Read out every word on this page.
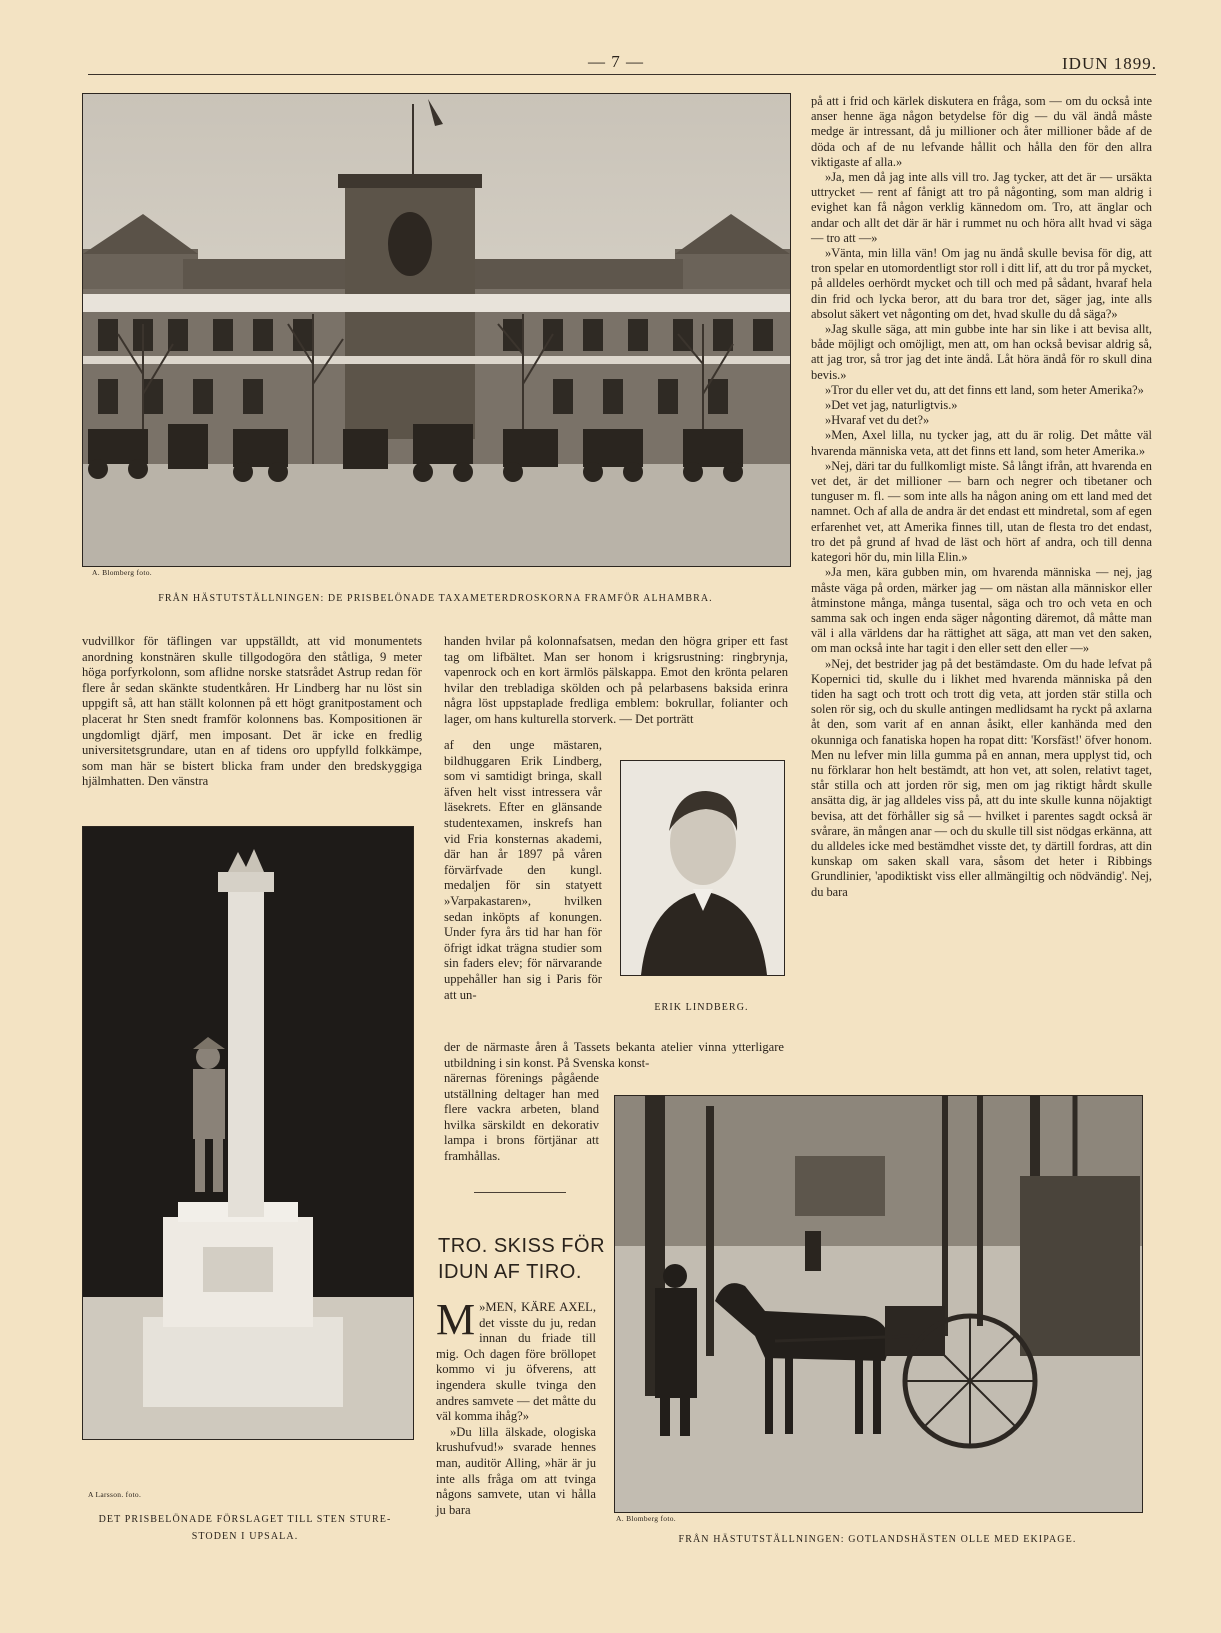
— 7 —	IDUN 1899.
A. Blomberg foto.
FRÅN HÄSTUTSTÄLLNINGEN: DE PRISBELÖNADE TAXAMETERDROSKORNA FRAMFÖR ALHAMBRA.

vudvillkor för täflingen var uppställdt, att vid monumentets anordning konstnären skulle tillgodogöra den ståtliga, 9 meter höga porfyrkolonn, som aflidne norske statsrådet Astrup redan för flere år sedan skänkte studentkåren. Hr Lindberg har nu löst sin uppgift så, att han ställt kolonnen på ett högt granitpostament och placerat hr Sten snedt framför kolonnens bas. Kompositionen är ungdomligt djärf, men imposant. Det är icke en fredlig universitetsgrundare, utan en af tidens oro uppfylld folkkämpe, som man här se bistert blicka fram under den bredskyggiga hjälmhatten. Den vänstra

A Larsson. foto.
DET PRISBELÖNADE FÖRSLAGET TILL STEN STURE-
STODEN I UPSALA.

handen hvilar på kolonnafsatsen, medan den högra griper ett fast tag om lifbältet. Man ser honom i krigsrustning: ringbrynja, vapenrock och en kort ärmlös pälskappa. Emot den krönta pelaren hvilar den trebladiga skölden och på pelarbasens baksida erinra några löst uppstaplade fredliga emblem: bokrullar, folianter och lager, om hans kulturella storverk. — Det porträtt

af den unge mästaren, bildhuggaren Erik Lindberg, som vi samtidigt bringa, skall äfven helt visst intressera vår läsekrets. Efter en glänsande studentexamen, inskrefs han vid Fria konsternas akademi, där han år 1897 på våren förvärfvade den kungl. medaljen för sin statyett »Varpakastaren», hvilken sedan inköpts af konungen. Under fyra års tid har han för öfrigt idkat trägna studier som sin faders elev; för närvarande uppehåller han sig i Paris för att un-

der de närmaste åren å Tassets bekanta atelier vinna ytterligare utbildning i sin konst. På Svenska konst-

närernas förenings pågående utställning deltager han med flere vackra arbeten, bland hvilka särskildt en dekorativ lampa i brons förtjänar att framhållas.

ERIK LINDBERG.
TRO. SKISS FÖR
IDUN AF TIRO.

M »MEN, KÄRE AXEL, det visste du ju, redan innan du friade till mig. Och dagen före bröllopet kommo vi ju öfverens, att ingendera skulle tvinga den andres samvete — det måtte du väl komma ihåg?»

»Du lilla älskade, ologiska krushufvud!» svarade hennes man, auditör Alling, »här är ju inte alls fråga om att tvinga någons samvete, utan vi hålla ju bara

A. Blomberg foto.
FRÅN HÄSTUTSTÄLLNINGEN: GOTLANDSHÄSTEN OLLE MED EKIPAGE.

på att i frid och kärlek diskutera en fråga, som — om du också inte anser henne äga någon betydelse för dig — du väl ändå måste medge är intressant, då ju millioner och åter millioner både af de döda och af de nu lefvande hållit och hålla den för den allra viktigaste af alla.»

»Ja, men då jag inte alls vill tro. Jag tycker, att det är — ursäkta uttrycket — rent af fånigt att tro på någonting, som man aldrig i evighet kan få någon verklig kännedom om. Tro, att änglar och andar och allt det där är här i rummet nu och höra allt hvad vi säga — tro att —»

»Vänta, min lilla vän! Om jag nu ändå skulle bevisa för dig, att tron spelar en utomordentligt stor roll i ditt lif, att du tror på mycket, på alldeles oerhördt mycket och till och med på sådant, hvaraf hela din frid och lycka beror, att du bara tror det, säger jag, inte alls absolut säkert vet någonting om det, hvad skulle du då säga?»

»Jag skulle säga, att min gubbe inte har sin like i att bevisa allt, både möjligt och omöjligt, men att, om han också bevisar aldrig så, att jag tror, så tror jag det inte ändå. Låt höra ändå för ro skull dina bevis.»

»Tror du eller vet du, att det finns ett land, som heter Amerika?»

»Det vet jag, naturligtvis.»

»Hvaraf vet du det?»

»Men, Axel lilla, nu tycker jag, att du är rolig. Det måtte väl hvarenda människa veta, att det finns ett land, som heter Amerika.»

»Nej, däri tar du fullkomligt miste. Så långt ifrån, att hvarenda en vet det, är det millioner — barn och negrer och tibetaner och tunguser m. fl. — som inte alls ha någon aning om ett land med det namnet. Och af alla de andra är det endast ett mindretal, som af egen erfarenhet vet, att Amerika finnes till, utan de flesta tro det endast, tro det på grund af hvad de läst och hört af andra, och till denna kategori hör du, min lilla Elin.»

»Ja men, kära gubben min, om hvarenda människa — nej, jag måste väga på orden, märker jag — om nästan alla människor eller åtminstone många, många tusental, säga och tro och veta en och samma sak och ingen enda säger någonting däremot, då måtte man väl i alla världens dar ha rättighet att säga, att man vet den saken, om man också inte har tagit i den eller sett den eller —»

»Nej, det bestrider jag på det bestämdaste. Om du hade lefvat på Kopernici tid, skulle du i likhet med hvarenda människa på den tiden ha sagt och trott och trott dig veta, att jorden stär stilla och solen rör sig, och du skulle antingen medlidsamt ha ryckt på axlarna åt den, som varit af en annan åsikt, eller kanhända med den okunniga och fanatiska hopen ha ropat ditt: 'Korsfäst!' öfver honom. Men nu lefver min lilla gumma på en annan, mera upplyst tid, och nu förklarar hon helt bestämdt, att hon vet, att solen, relativt taget, står stilla och att jorden rör sig, men om jag riktigt hårdt skulle ansätta dig, är jag alldeles viss på, att du inte skulle kunna nöjaktigt bevisa, att det förhåller sig så — hvilket i parentes sagdt också är svårare, än mången anar — och du skulle till sist nödgas erkänna, att du alldeles icke med bestämdhet visste det, ty därtill fordras, att din kunskap om saken skall vara, såsom det heter i Ribbings Grundlinier, 'apodiktiskt viss eller allmängiltig och nödvändig'. Nej, du bara
